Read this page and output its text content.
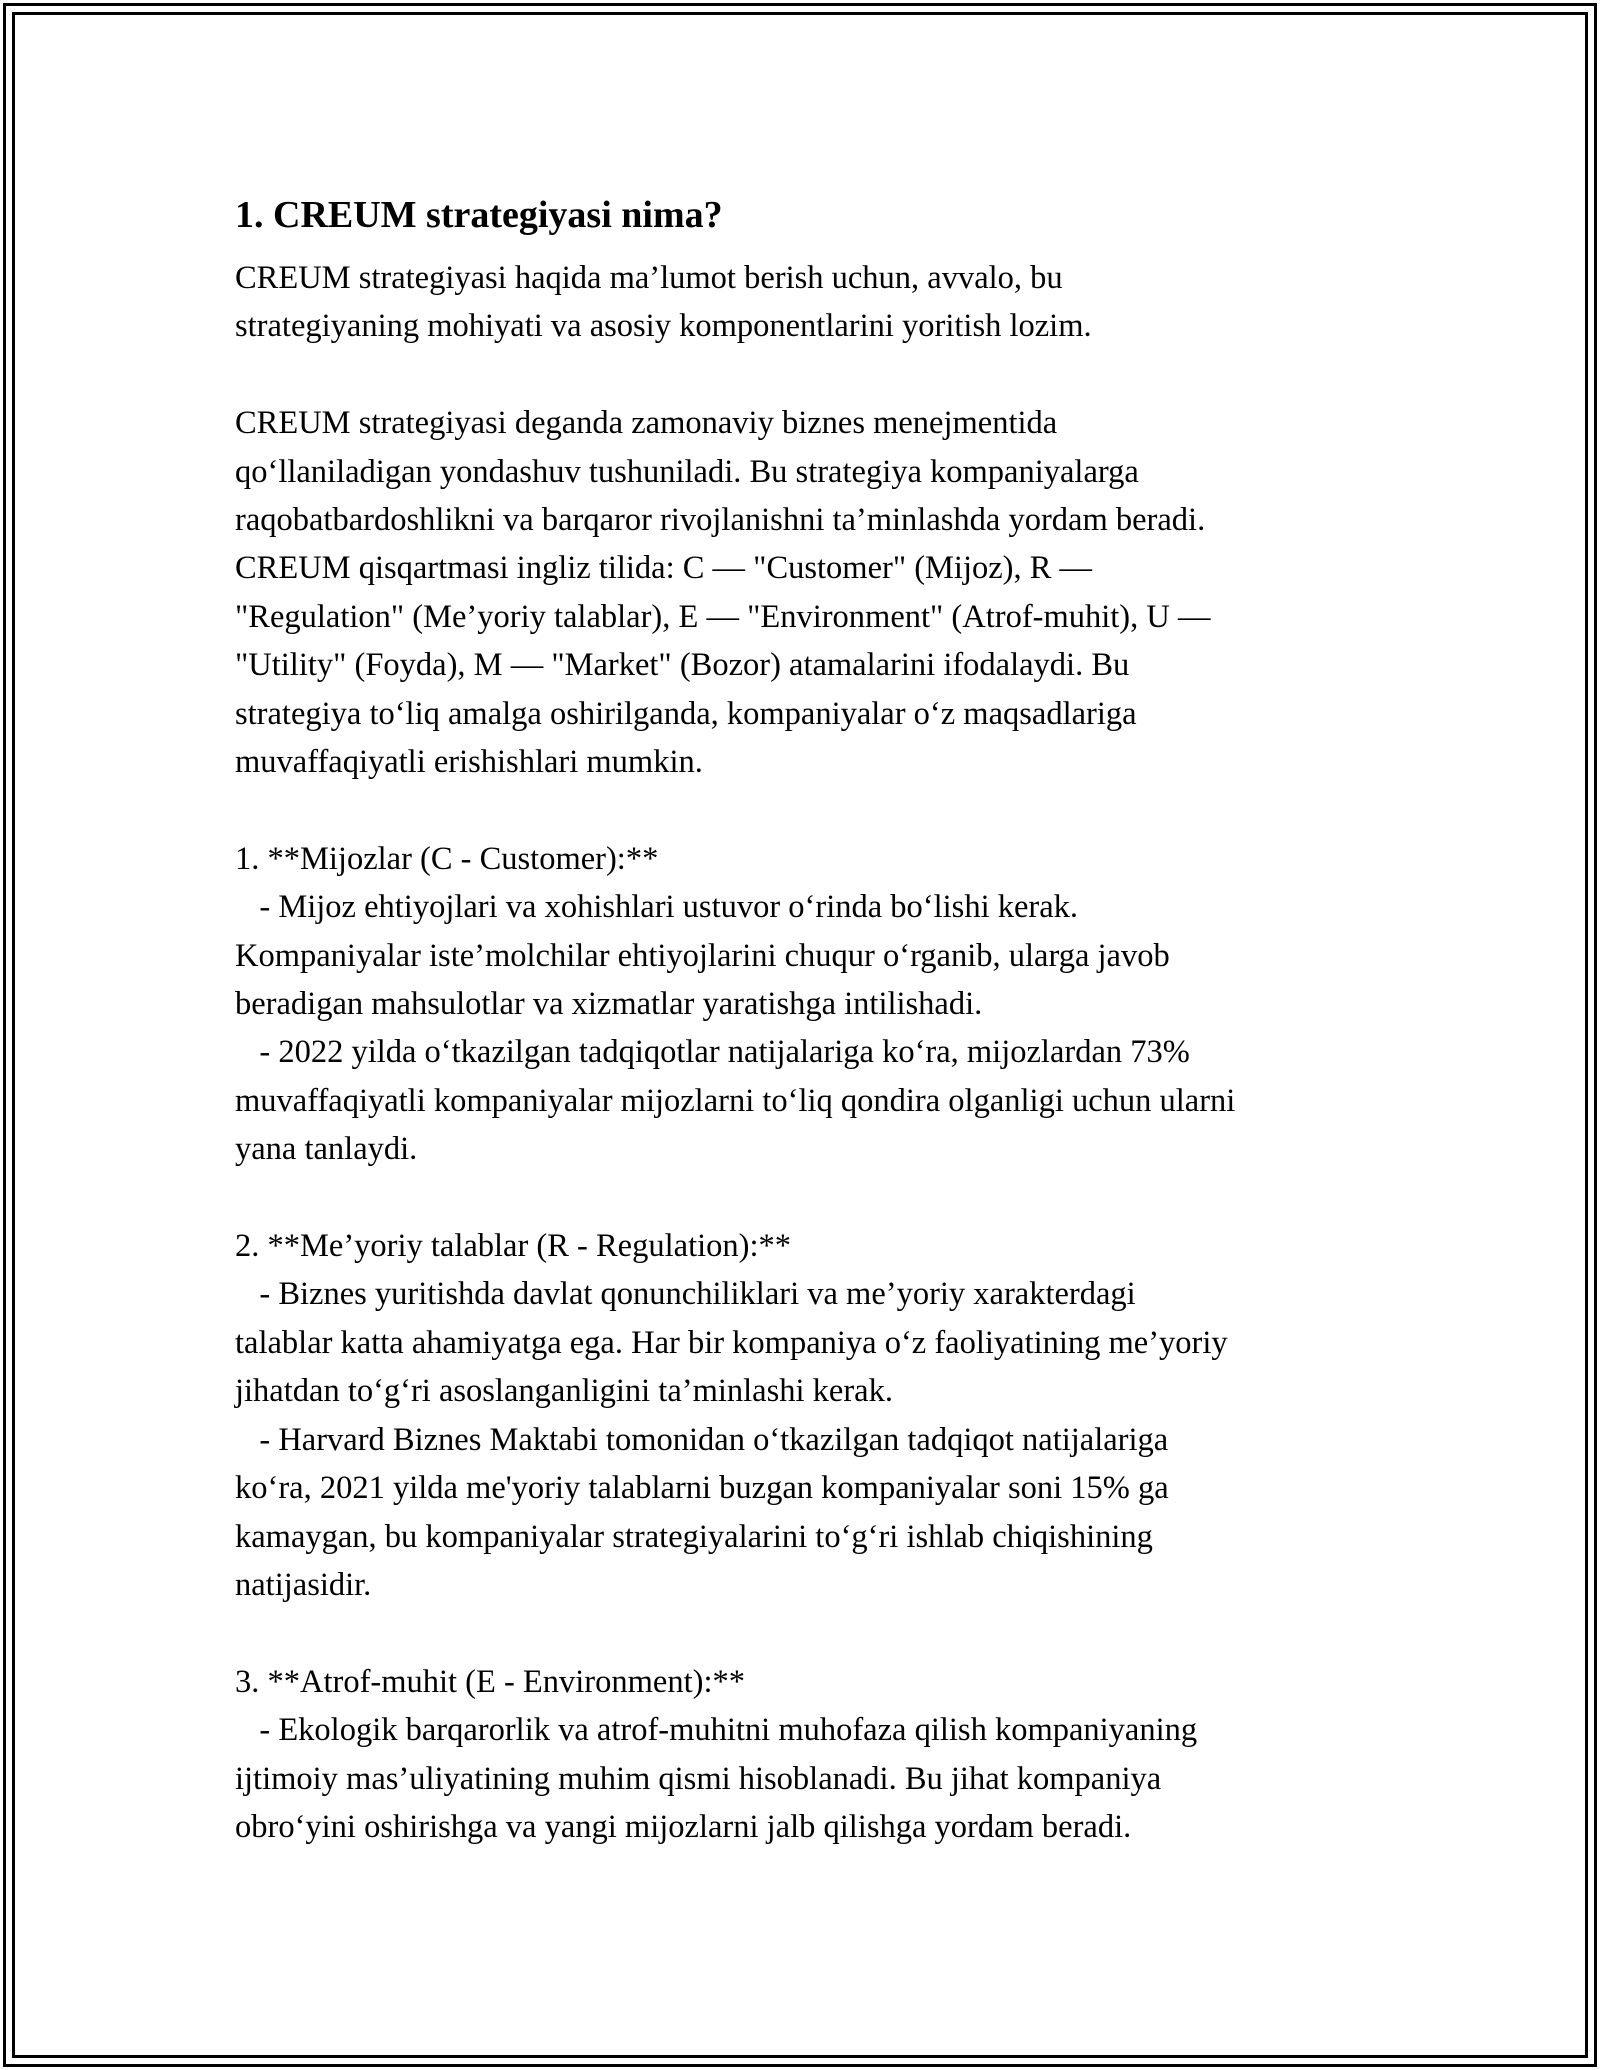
1. CREUM strategiyasi nima?
CREUM strategiyasi haqida ma’lumot berish uchun, avvalo, bu
strategiyaning mohiyati va asosiy komponentlarini yoritish lozim.
CREUM strategiyasi deganda zamonaviy biznes menejmentida
qo‘llaniladigan yondashuv tushuniladi. Bu strategiya kompaniyalarga
raqobatbardoshlikni va barqaror rivojlanishni ta’minlashda yordam beradi.
CREUM qisqartmasi ingliz tilida: C — "Customer" (Mijoz), R —
"Regulation" (Me’yoriy talablar), E — "Environment" (Atrof-muhit), U —
"Utility" (Foyda), M — "Market" (Bozor) atamalarini ifodalaydi. Bu
strategiya to‘liq amalga oshirilganda, kompaniyalar o‘z maqsadlariga
muvaffaqiyatli erishishlari mumkin.
1. **Mijozlar (C - Customer):**
- Mijoz ehtiyojlari va xohishlari ustuvor o‘rinda bo‘lishi kerak.
Kompaniyalar iste’molchilar ehtiyojlarini chuqur o‘rganib, ularga javob
beradigan mahsulotlar va xizmatlar yaratishga intilishadi.
- 2022 yilda o‘tkazilgan tadqiqotlar natijalariga ko‘ra, mijozlardan 73%
muvaffaqiyatli kompaniyalar mijozlarni to‘liq qondira olganligi uchun ularni
yana tanlaydi.
2. **Me’yoriy talablar (R - Regulation):**
- Biznes yuritishda davlat qonunchiliklari va me’yoriy xarakterdagi
talablar katta ahamiyatga ega. Har bir kompaniya o‘z faoliyatining me’yoriy
jihatdan to‘g‘ri asoslanganligini ta’minlashi kerak.
- Harvard Biznes Maktabi tomonidan o‘tkazilgan tadqiqot natijalariga
ko‘ra, 2021 yilda me'yoriy talablarni buzgan kompaniyalar soni 15% ga
kamaygan, bu kompaniyalar strategiyalarini to‘g‘ri ishlab chiqishining
natijasidir.
3. **Atrof-muhit (E - Environment):**
- Ekologik barqarorlik va atrof-muhitni muhofaza qilish kompaniyaning
ijtimoiy mas’uliyatining muhim qismi hisoblanadi. Bu jihat kompaniya
obro‘yini oshirishga va yangi mijozlarni jalb qilishga yordam beradi.
